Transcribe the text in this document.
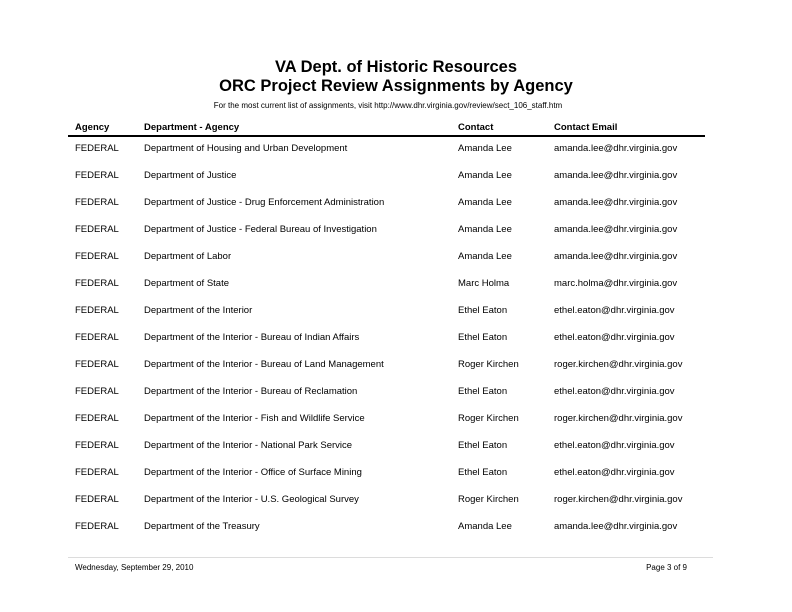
VA Dept. of Historic Resources
ORC Project Review Assignments by Agency
For the most current list of assignments, visit http://www.dhr.virginia.gov/review/sect_106_staff.htm
Agency	Department - Agency	Contact	Contact Email
FEDERAL	Department of Housing and Urban Development	Amanda Lee	amanda.lee@dhr.virginia.gov
FEDERAL	Department of Justice	Amanda Lee	amanda.lee@dhr.virginia.gov
FEDERAL	Department of Justice - Drug Enforcement Administration	Amanda Lee	amanda.lee@dhr.virginia.gov
FEDERAL	Department of Justice - Federal Bureau of Investigation	Amanda Lee	amanda.lee@dhr.virginia.gov
FEDERAL	Department of Labor	Amanda Lee	amanda.lee@dhr.virginia.gov
FEDERAL	Department of State	Marc Holma	marc.holma@dhr.virginia.gov
FEDERAL	Department of the Interior	Ethel Eaton	ethel.eaton@dhr.virginia.gov
FEDERAL	Department of the Interior - Bureau of Indian Affairs	Ethel Eaton	ethel.eaton@dhr.virginia.gov
FEDERAL	Department of the Interior - Bureau of Land Management	Roger Kirchen	roger.kirchen@dhr.virginia.gov
FEDERAL	Department of the Interior - Bureau of Reclamation	Ethel Eaton	ethel.eaton@dhr.virginia.gov
FEDERAL	Department of the Interior - Fish and Wildlife Service	Roger Kirchen	roger.kirchen@dhr.virginia.gov
FEDERAL	Department of the Interior - National Park Service	Ethel Eaton	ethel.eaton@dhr.virginia.gov
FEDERAL	Department of the Interior - Office of Surface Mining	Ethel Eaton	ethel.eaton@dhr.virginia.gov
FEDERAL	Department of the Interior - U.S. Geological Survey	Roger Kirchen	roger.kirchen@dhr.virginia.gov
FEDERAL	Department of the Treasury	Amanda Lee	amanda.lee@dhr.virginia.gov
Wednesday, September 29, 2010	Page 3 of 9
